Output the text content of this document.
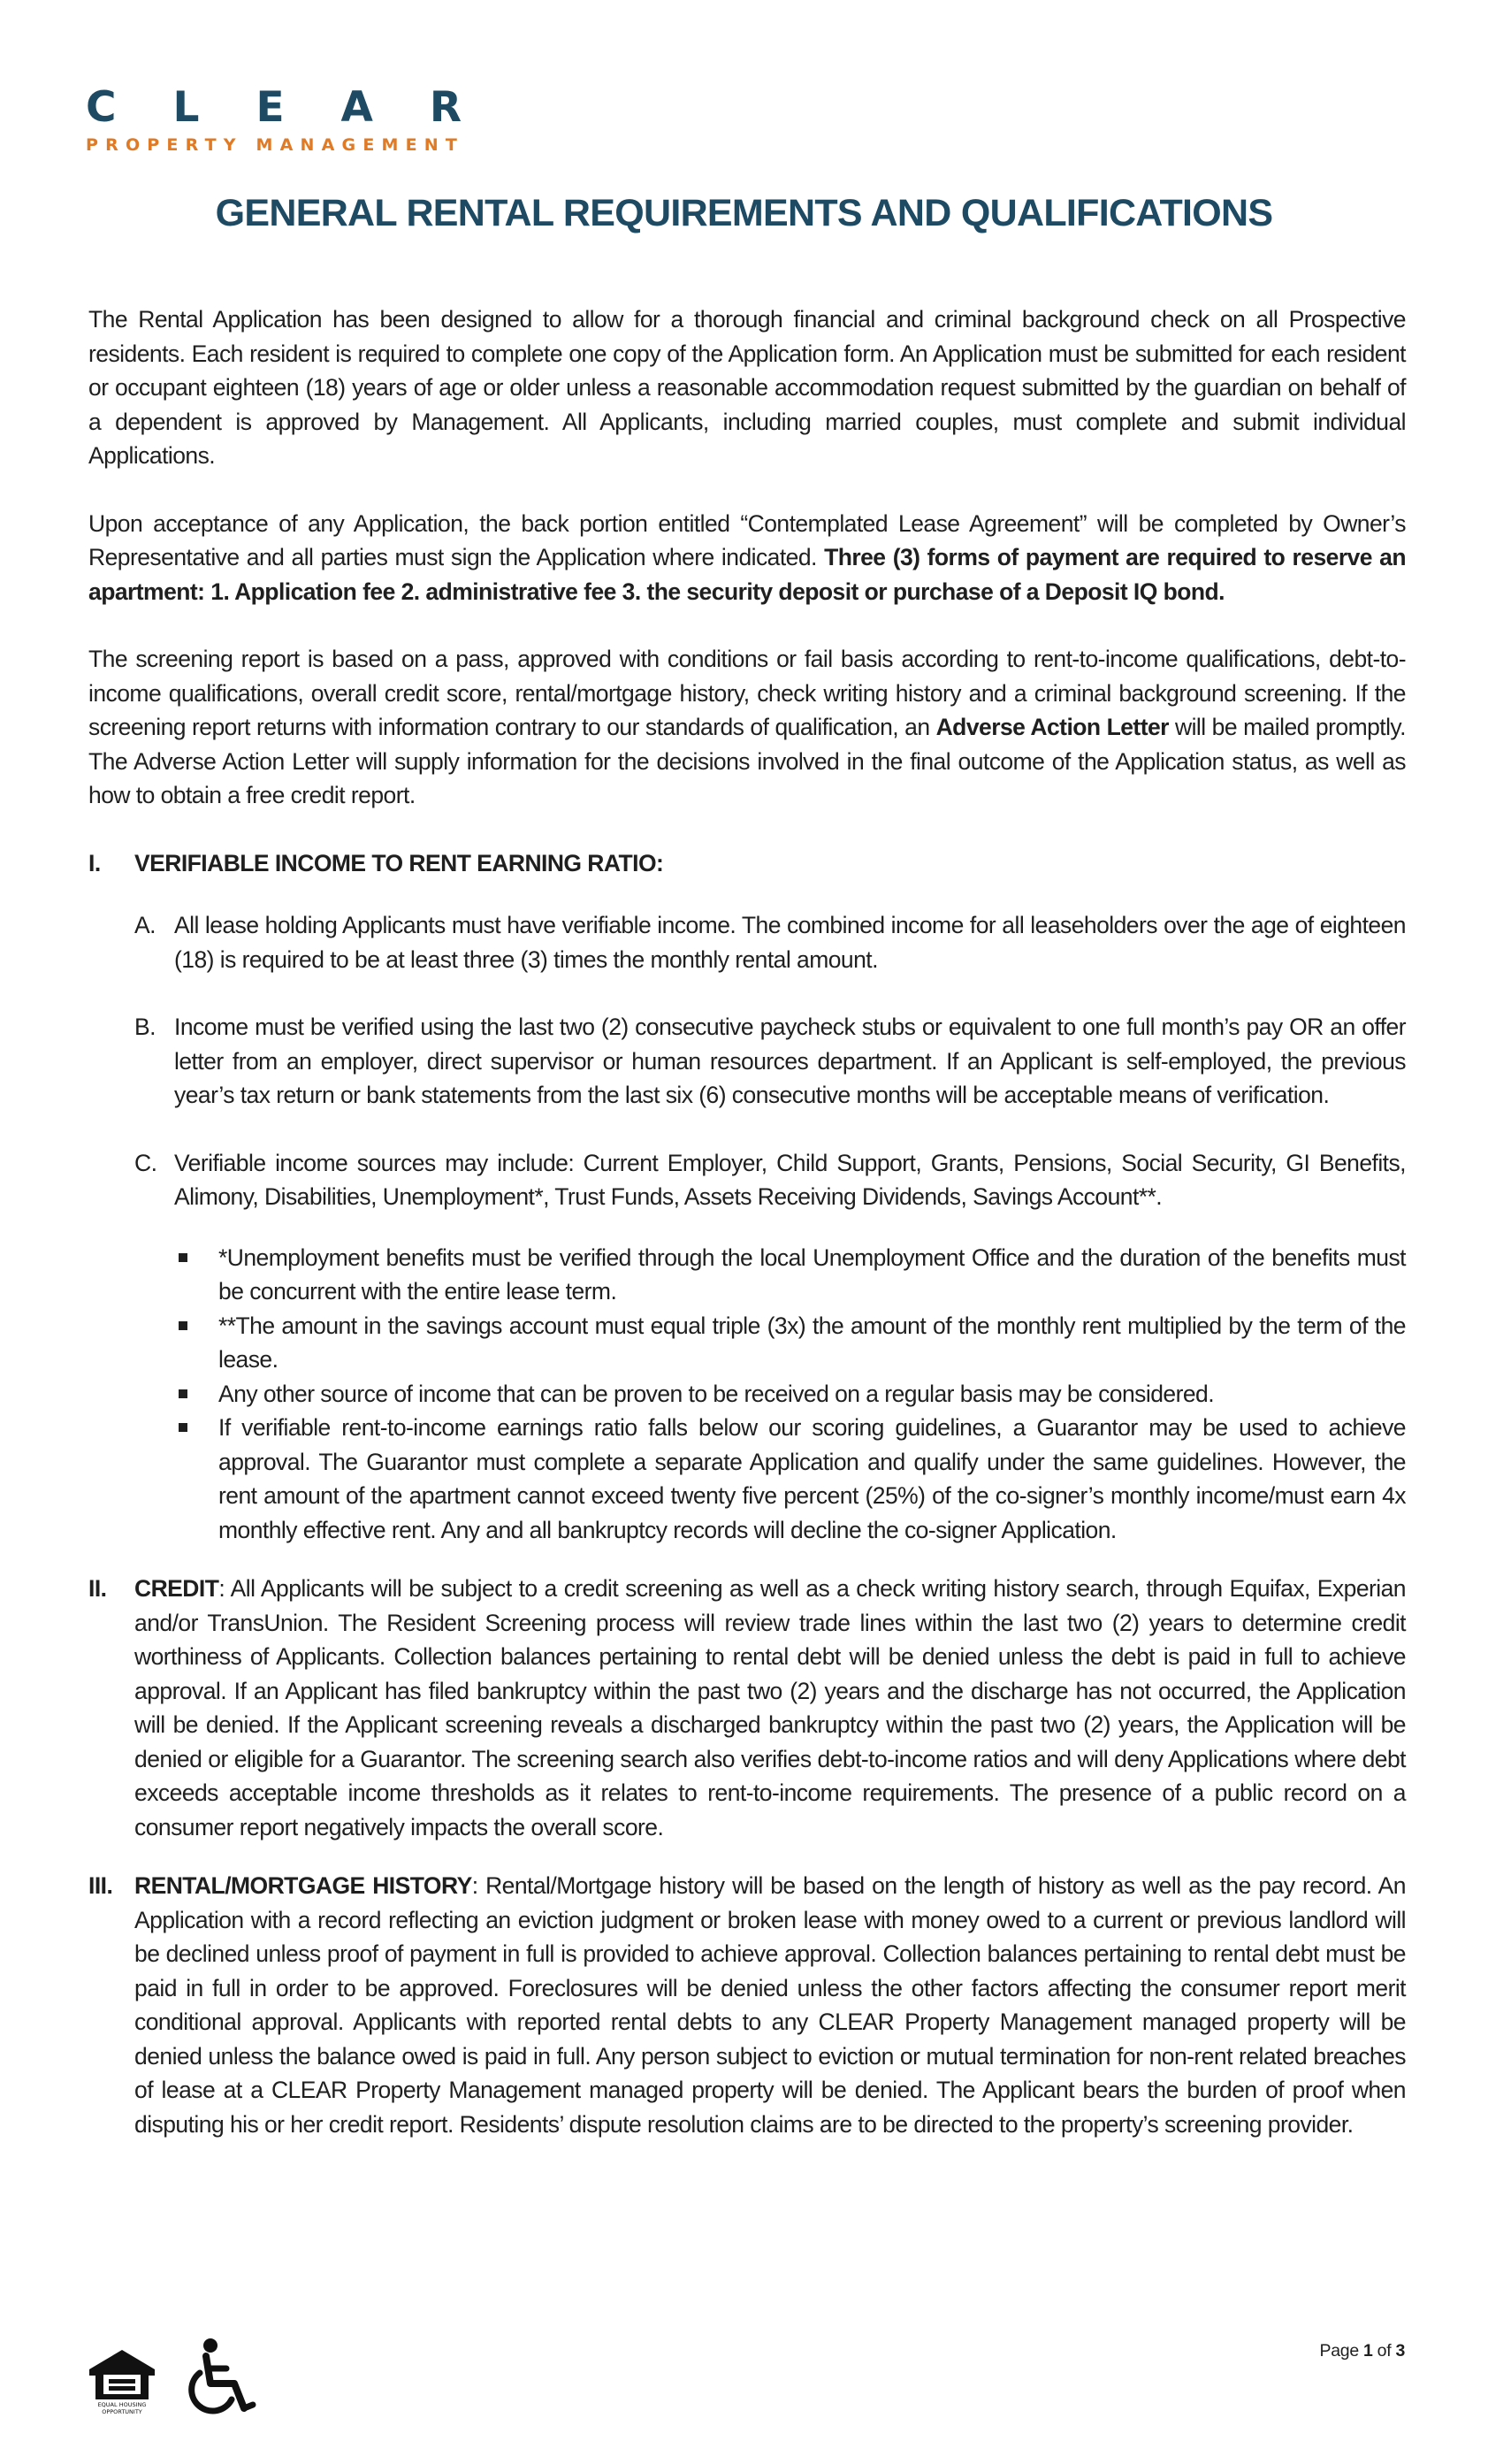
CLEAR
PROPERTY MANAGEMENT
GENERAL RENTAL REQUIREMENTS AND QUALIFICATIONS

The Rental Application has been designed to allow for a thorough financial and criminal background check on all Prospective residents. Each resident is required to complete one copy of the Application form. An Application must be submitted for each resident or occupant eighteen (18) years of age or older unless a reasonable accommodation request submitted by the guardian on behalf of a dependent is approved by Management. All Applicants, including married couples, must complete and submit individual Applications.

Upon acceptance of any Application, the back portion entitled “Contemplated Lease Agreement” will be completed by Owner’s Representative and all parties must sign the Application where indicated. Three (3) forms of payment are required to reserve an apartment: 1. Application fee 2. administrative fee 3. the security deposit or purchase of a Deposit IQ bond.

The screening report is based on a pass, approved with conditions or fail basis according to rent-to-income qualifications, debt-to-income qualifications, overall credit score, rental/mortgage history, check writing history and a criminal background screening. If the screening report returns with information contrary to our standards of qualification, an Adverse Action Letter will be mailed promptly. The Adverse Action Letter will supply information for the decisions involved in the final outcome of the Application status, as well as how to obtain a free credit report.

I. VERIFIABLE INCOME TO RENT EARNING RATIO:
A. All lease holding Applicants must have verifiable income. The combined income for all leaseholders over the age of eighteen (18) is required to be at least three (3) times the monthly rental amount.

B. Income must be verified using the last two (2) consecutive paycheck stubs or equivalent to one full month’s pay OR an offer letter from an employer, direct supervisor or human resources department. If an Applicant is self-employed, the previous year’s tax return or bank statements from the last six (6) consecutive months will be acceptable means of verification.

C. Verifiable income sources may include: Current Employer, Child Support, Grants, Pensions, Social Security, GI Benefits, Alimony, Disabilities, Unemployment*, Trust Funds, Assets Receiving Dividends, Savings Account**.

*Unemployment benefits must be verified through the local Unemployment Office and the duration of the benefits must be concurrent with the entire lease term.

**The amount in the savings account must equal triple (3x) the amount of the monthly rent multiplied by the term of the lease.

Any other source of income that can be proven to be received on a regular basis may be considered.

If verifiable rent-to-income earnings ratio falls below our scoring guidelines, a Guarantor may be used to achieve approval. The Guarantor must complete a separate Application and qualify under the same guidelines. However, the rent amount of the apartment cannot exceed twenty five percent (25%) of the co-signer’s monthly income/must earn 4x monthly effective rent. Any and all bankruptcy records will decline the co-signer Application.

II. CREDIT: All Applicants will be subject to a credit screening as well as a check writing history search, through Equifax, Experian and/or TransUnion. The Resident Screening process will review trade lines within the last two (2) years to determine credit worthiness of Applicants. Collection balances pertaining to rental debt will be denied unless the debt is paid in full to achieve approval. If an Applicant has filed bankruptcy within the past two (2) years and the discharge has not occurred, the Application will be denied. If the Applicant screening reveals a discharged bankruptcy within the past two (2) years, the Application will be denied or eligible for a Guarantor. The screening search also verifies debt-to-income ratios and will deny Applications where debt exceeds acceptable income thresholds as it relates to rent-to-income requirements. The presence of a public record on a consumer report negatively impacts the overall score.

III. RENTAL/MORTGAGE HISTORY: Rental/Mortgage history will be based on the length of history as well as the pay record. An Application with a record reflecting an eviction judgment or broken lease with money owed to a current or previous landlord will be declined unless proof of payment in full is provided to achieve approval. Collection balances pertaining to rental debt must be paid in full in order to be approved. Foreclosures will be denied unless the other factors affecting the consumer report merit conditional approval. Applicants with reported rental debts to any CLEAR Property Management managed property will be denied unless the balance owed is paid in full. Any person subject to eviction or mutual termination for non-rent related breaches of lease at a CLEAR Property Management managed property will be denied. The Applicant bears the burden of proof when disputing his or her credit report. Residents’ dispute resolution claims are to be directed to the property’s screening provider.

EQUAL HOUSING
OPPORTUNITY
Page 1 of 3
